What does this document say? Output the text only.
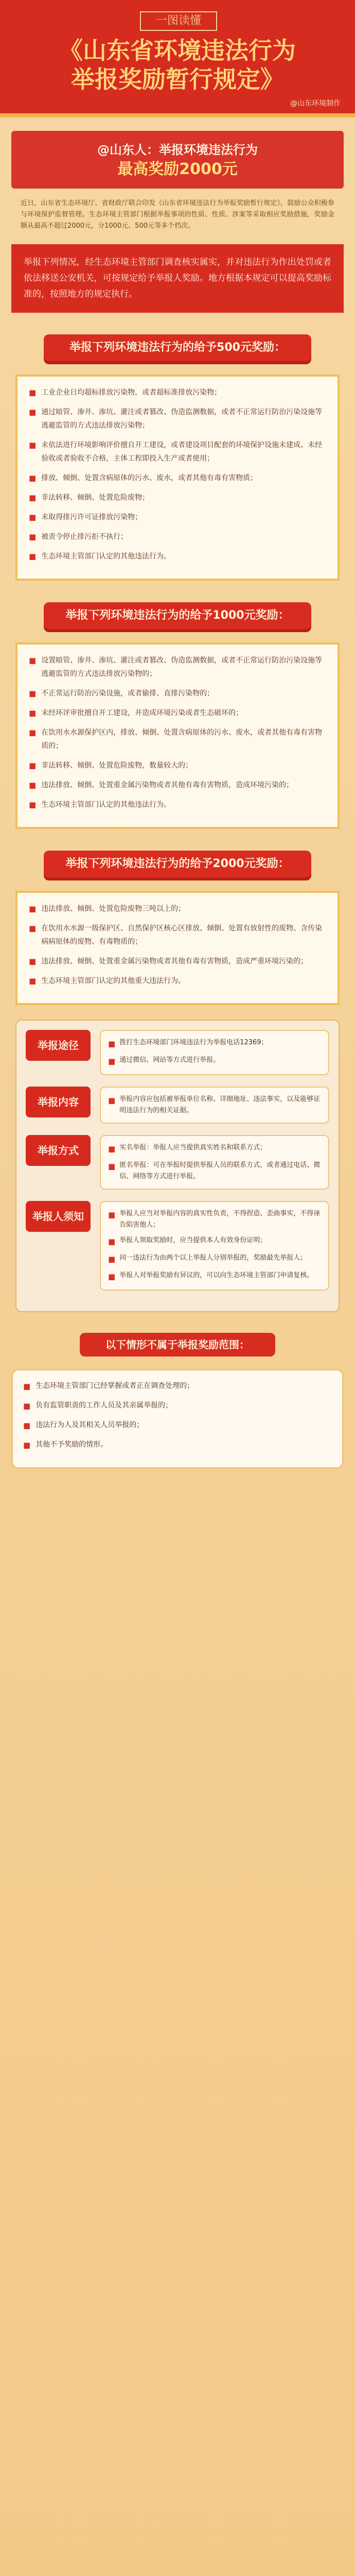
一图读懂
《山东省环境违法行为
举报奖励暂行规定》
@山东环境制作
@山东人：举报环境违法行为
最高奖励2000元
近日，山东省生态环境厅、省财政厅联合印发《山东省环境违法行为举报奖励暂行规定》，鼓励公众积极参与环境保护监督管理。生态环境主管部门根据举报事项的性质、性质、涉案等采取相应奖励措施，奖励金额从最高不超过2000元，分1000元、500元等多个档次。
举报下列情况，经生态环境主管部门调查核实属实，并对违法行为作出处罚或者依法移送公安机关，可按规定给予举报人奖励。地方根据本规定可以提高奖励标准的，按照地方的规定执行。
举报下列环境违法行为的给予500元奖励：
■ 工业企业日均超标排放污染物，或者超标准排放污染物；
■ 通过暗管、渗井、渗坑、灌注或者篡改、伪造监测数据，或者不正常运行防治污染设施等逃避监管的方式违法排放污染物；
■ 未依法进行环境影响评价擅自开工建设，或者建设项目配套的环境保护设施未建成、未经验收或者验收不合格，主体工程即投入生产或者使用；
■ 排放、倾倒、处置含病原体的污水、废水，或者其他有毒有害物质；
■ 非法转移、倾倒、处置危险废物；
■ 未取得排污许可证排放污染物；
■ 被责令停止排污拒不执行；
■ 生态环境主管部门认定的其他违法行为。
举报下列环境违法行为的给予1000元奖励：
■ 设置暗管、渗井、渗坑、灌注或者篡改、伪造监测数据，或者不正常运行防治污染设施等逃避监管的方式违法排放污染物的；
■ 不正常运行防治污染设施，或者偷排、直排污染物的；
■ 未经环评审批擅自开工建设，并造成环境污染或者生态破坏的；
■ 在饮用水水源保护区内，排放、倾倒、处置含病原体的污水、废水，或者其他有毒有害物质的；
■ 非法转移、倾倒、处置危险废物，数量较大的；
■ 违法排放、倾倒、处置重金属污染物或者其他有毒有害物质，造成环境污染的；
■ 生态环境主管部门认定的其他违法行为。
举报下列环境违法行为的给予2000元奖励：
■ 违法排放、倾倒、处置危险废物三吨以上的；
■ 在饮用水水源一级保护区、自然保护区核心区排放、倾倒、处置有放射性的废物、含传染病病原体的废物、有毒物质的；
■ 违法排放、倾倒、处置重金属污染物或者其他有毒有害物质，造成严重环境污染的；
■ 生态环境主管部门认定的其他重大违法行为。
举报途径	■ 拨打生态环境部门环境违法行为举报电话12369；
■ 通过微信、网站等方式进行举报。
举报内容	■ 举报内容应包括被举报单位名称、详细地址、违法事实，以及能够证明违法行为的相关证据。
举报方式	■ 实名举报：举报人应当提供真实姓名和联系方式；
■ 匿名举报：可在举报时提供举报人员的联系方式，或者通过电话、微信、网络等方式进行举报。
举报人须知	■ 举报人应当对举报内容的真实性负责，不得捏造、歪曲事实，不得诬告陷害他人；
■ 举报人领取奖励时，应当提供本人有效身份证明；
■ 同一违法行为由两个以上举报人分别举报的，奖励最先举报人；
■ 举报人对举报奖励有异议的，可以向生态环境主管部门申请复核。
以下情形不属于举报奖励范围：
■ 生态环境主管部门已经掌握或者正在调查处理的；
■ 负有监管职责的工作人员及其亲属举报的；
■ 违法行为人及其相关人员举报的；
■ 其他不予奖励的情形。
